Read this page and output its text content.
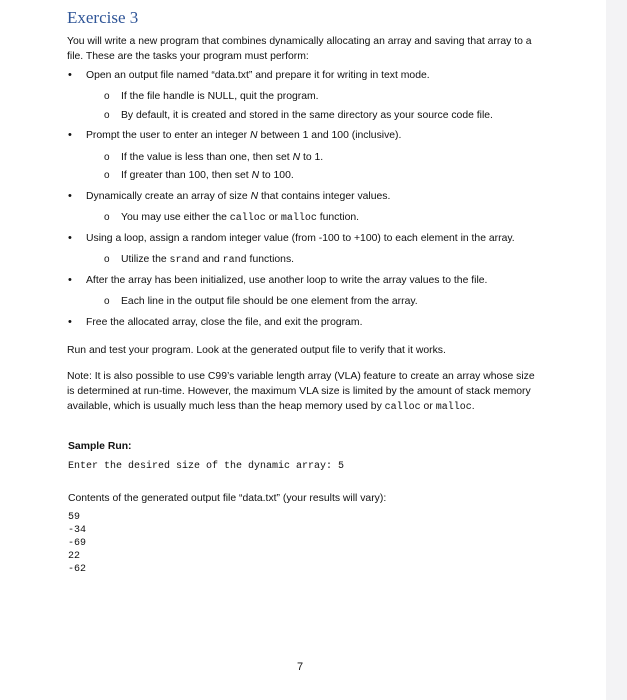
Exercise 3

You will write a new program that combines dynamically allocating an array and saving that array to a file. These are the tasks your program must perform:

• Open an output file named “data.txt” and prepare it for writing in text mode.
o If the file handle is NULL, quit the program.
o By default, it is created and stored in the same directory as your source code file.
• Prompt the user to enter an integer N between 1 and 100 (inclusive).
o If the value is less than one, then set N to 1.
o If greater than 100, then set N to 100.
• Dynamically create an array of size N that contains integer values.
o You may use either the calloc or malloc function.
• Using a loop, assign a random integer value (from -100 to +100) to each element in the array.
o Utilize the srand and rand functions.
• After the array has been initialized, use another loop to write the array values to the file.
o Each line in the output file should be one element from the array.
• Free the allocated array, close the file, and exit the program.

Run and test your program. Look at the generated output file to verify that it works.

Note: It is also possible to use C99’s variable length array (VLA) feature to create an array whose size is determined at run-time. However, the maximum VLA size is limited by the amount of stack memory available, which is usually much less than the heap memory used by calloc or malloc.

Sample Run:
Enter the desired size of the dynamic array: 5
Contents of the generated output file “data.txt” (your results will vary):
59
-34
-69
22
-62
7
